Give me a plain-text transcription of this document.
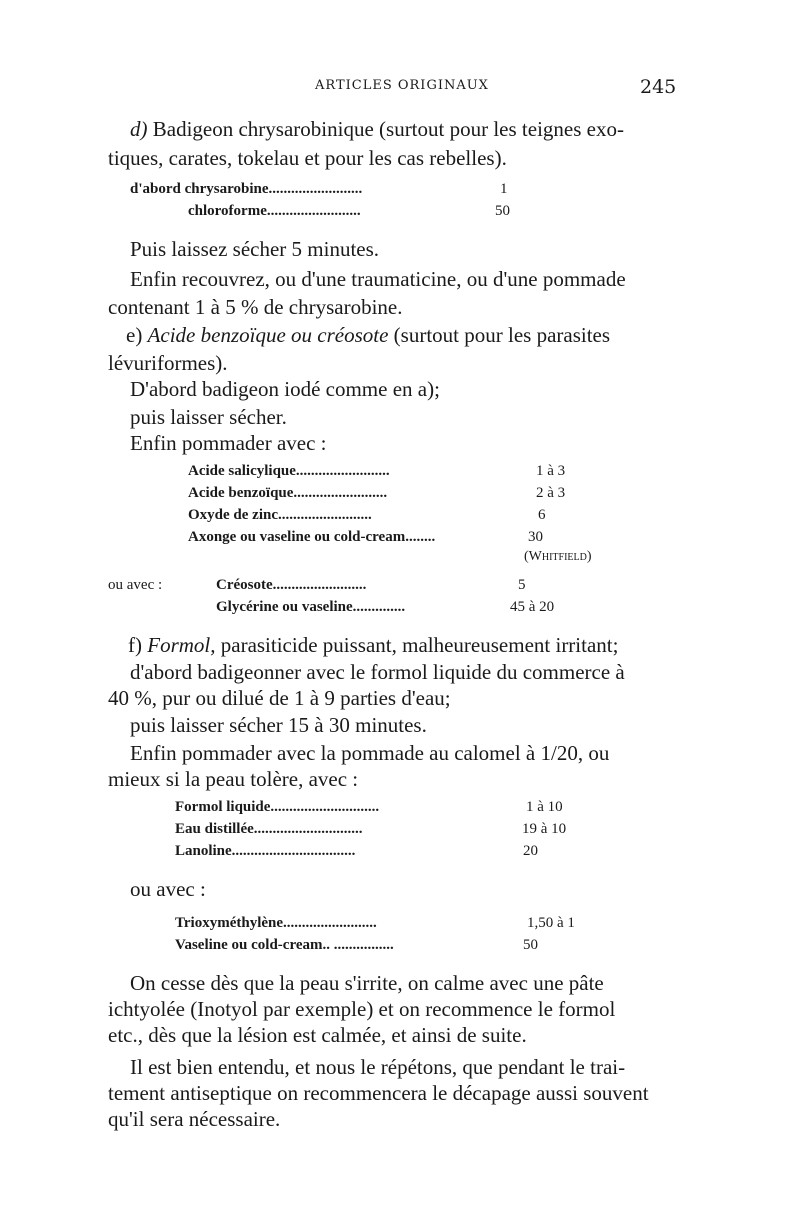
ARTICLES ORIGINAUX	245
d) Badigeon chrysarobinique (surtout pour les teignes exo-
tiques, carates, tokelau et pour les cas rebelles).
d'abord chrysarobine.........................	1
chloroforme.........................	50
Puis laissez sécher 5 minutes.
Enfin recouvrez, ou d'une traumaticine, ou d'une pommade
contenant 1 à 5 % de chrysarobine.
e) Acide benzoïque ou créosote (surtout pour les parasites
lévuriformes).
D'abord badigeon iodé comme en a);
puis laisser sécher.
Enfin pommader avec :
Acide salicylique.........................	1 à 3
Acide benzoïque.........................	2 à 3
Oxyde de zinc.........................	6
Axonge ou vaseline ou cold-cream........	30
(Whitfield)
ou avec :	Créosote.........................	5
Glycérine ou vaseline..............	45 à 20
f) Formol, parasiticide puissant, malheureusement irritant;
d'abord badigeonner avec le formol liquide du commerce à
40 %, pur ou dilué de 1 à 9 parties d'eau;
puis laisser sécher 15 à 30 minutes.
Enfin pommader avec la pommade au calomel à 1/20, ou
mieux si la peau tolère, avec :
Formol liquide.............................	1 à 10
Eau distillée.............................	19 à 10
Lanoline.................................	20
ou avec :
Trioxyméthylène.........................	1,50 à 1
Vaseline ou cold-cream.. ................	50
On cesse dès que la peau s'irrite, on calme avec une pâte
ichtyolée (Inotyol par exemple) et on recommence le formol
etc., dès que la lésion est calmée, et ainsi de suite.
Il est bien entendu, et nous le répétons, que pendant le trai-
tement antiseptique on recommencera le décapage aussi souvent
qu'il sera nécessaire.
